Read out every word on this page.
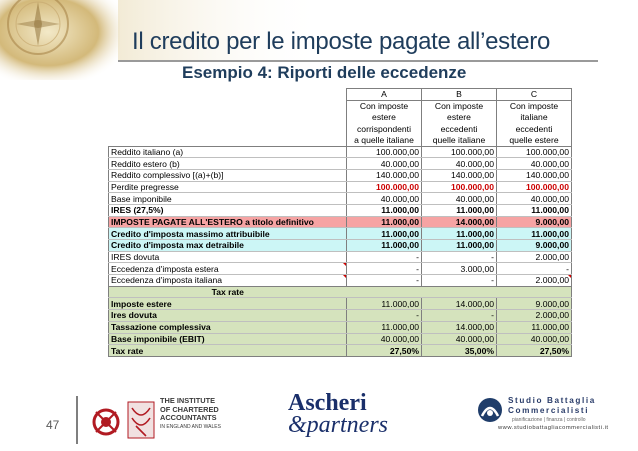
Il credito per le imposte pagate all’estero
Esempio 4: Riporti delle eccedenze
	A	B	C
	Con imposte	Con imposte	Con imposte
	estere	estere	italiane
	corrispondenti	eccedenti	eccedenti
	a quelle italiane	quelle italiane	quelle estere
Reddito italiano (a)	100.000,00	100.000,00	100.000,00
Reddito estero (b)	40.000,00	40.000,00	40.000,00
Reddito complessivo [(a)+(b)]	140.000,00	140.000,00	140.000,00
Perdite pregresse	100.000,00	100.000,00	100.000,00
Base imponibile	40.000,00	40.000,00	40.000,00
IRES (27,5%)	11.000,00	11.000,00	11.000,00
IMPOSTE PAGATE ALL'ESTERO a titolo definitivo	11.000,00	14.000,00	9.000,00
Credito d'imposta massimo attribuibile	11.000,00	11.000,00	11.000,00
Credito d'imposta max detraibile	11.000,00	11.000,00	9.000,00
IRES dovuta	-	-	2.000,00
Eccedenza d'imposta estera	-	3.000,00	-
Eccedenza d'imposta italiana	-	-	2.000,00
Tax rate			
Imposte estere	11.000,00	14.000,00	9.000,00
Ires dovuta	-	-	2.000,00
Tassazione complessiva	11.000,00	14.000,00	11.000,00
Base imponibile (EBIT)	40.000,00	40.000,00	40.000,00
Tax rate	27,50%	35,00%	27,50%
47
THE INSTITUTE
OF CHARTERED
ACCOUNTANTS
IN ENGLAND AND WALES
Ascheri
&partners
Studio Battaglia
Commercialisti
pianificazione | finanza | controllo
www.studiobattagliacommercialisti.it
